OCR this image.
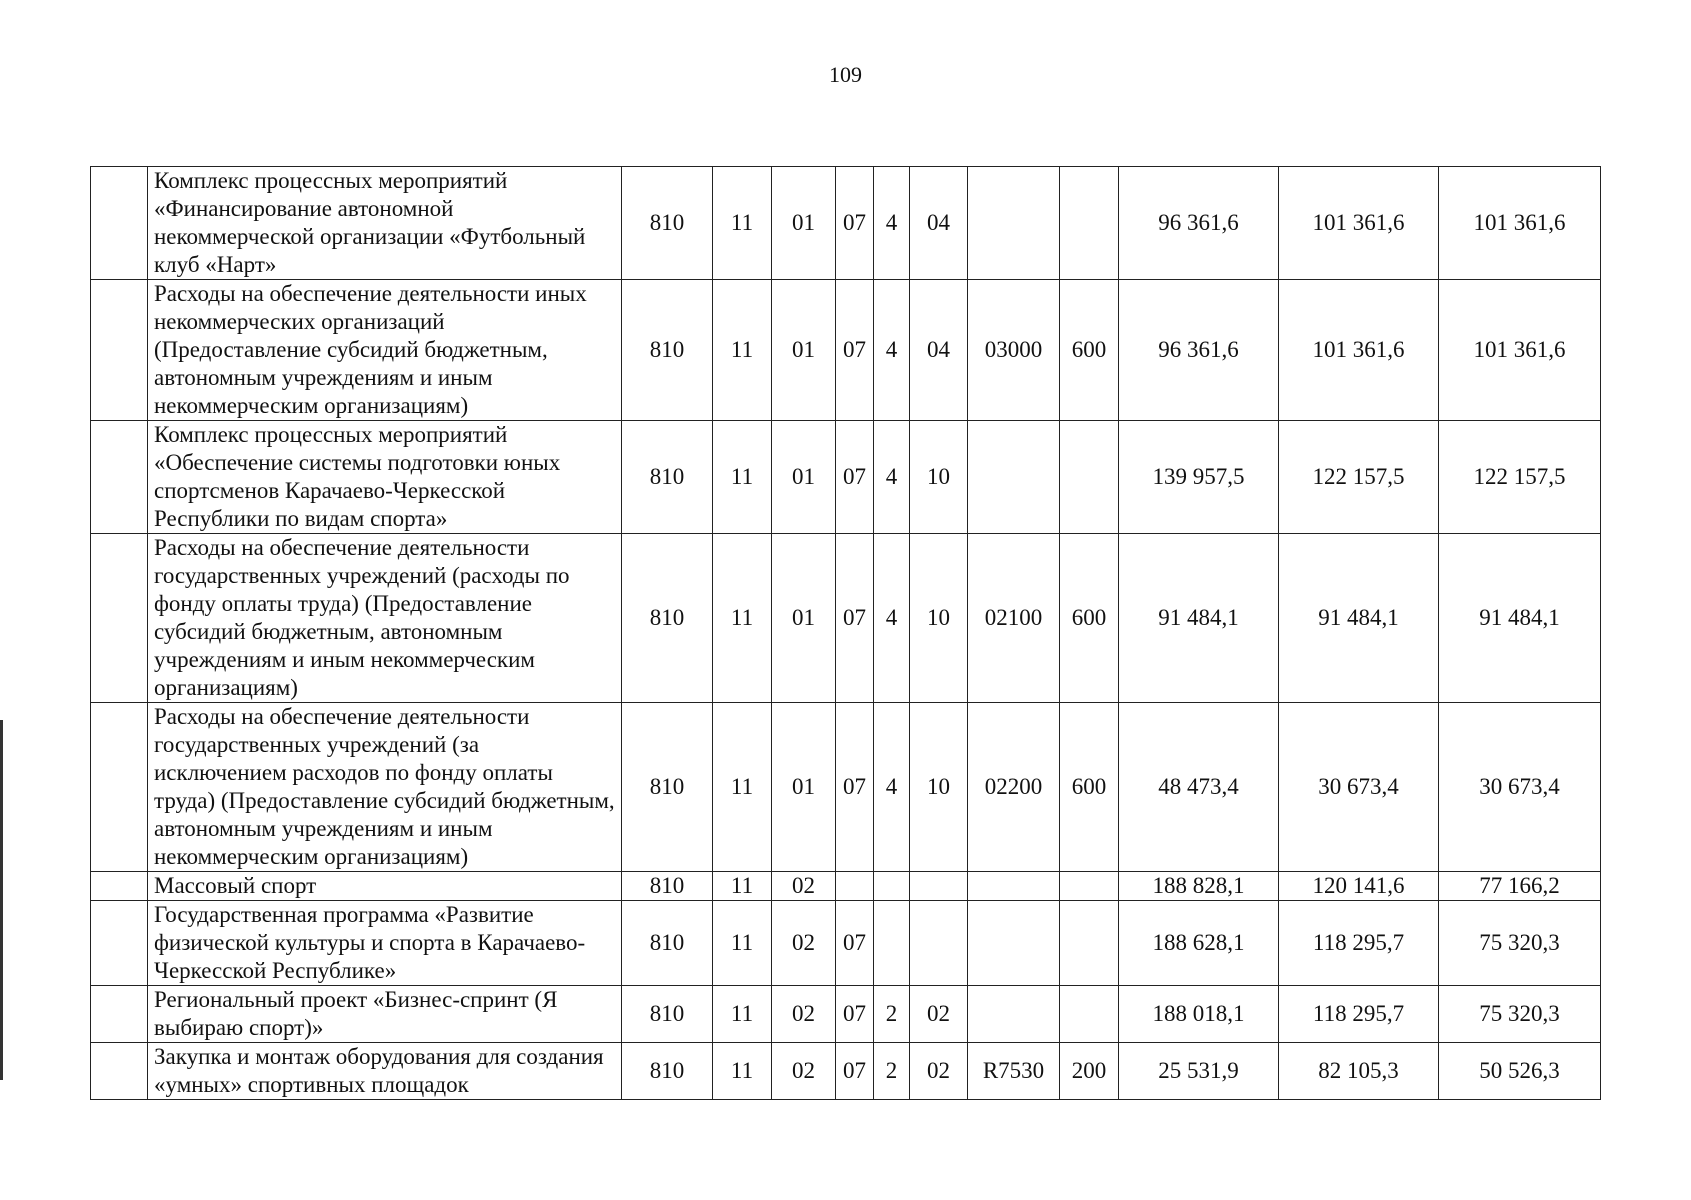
109
	Комплекс процессных мероприятий «Финансирование автономной некоммерческой организации «Футбольный клуб «Нарт»	810	11	01	07	4	04			96 361,6	101 361,6	101 361,6
	Расходы на обеспечение деятельности иных некоммерческих организаций (Предоставление субсидий бюджетным, автономным учреждениям и иным некоммерческим организациям)	810	11	01	07	4	04	03000	600	96 361,6	101 361,6	101 361,6
	Комплекс процессных мероприятий «Обеспечение системы подготовки юных спортсменов Карачаево-Черкесской Республики по видам спорта»	810	11	01	07	4	10			139 957,5	122 157,5	122 157,5
	Расходы на обеспечение деятельности государственных учреждений (расходы по фонду оплаты труда) (Предоставление субсидий бюджетным, автономным учреждениям и иным некоммерческим организациям)	810	11	01	07	4	10	02100	600	91 484,1	91 484,1	91 484,1
	Расходы на обеспечение деятельности государственных учреждений (за исключением расходов по фонду оплаты труда) (Предоставление субсидий бюджетным, автономным учреждениям и иным некоммерческим организациям)	810	11	01	07	4	10	02200	600	48 473,4	30 673,4	30 673,4
	Массовый спорт	810	11	02						188 828,1	120 141,6	77 166,2
	Государственная программа «Развитие физической культуры и спорта в Карачаево-Черкесской Республике»	810	11	02	07					188 628,1	118 295,7	75 320,3
	Региональный проект «Бизнес-спринт (Я выбираю спорт)»	810	11	02	07	2	02			188 018,1	118 295,7	75 320,3
	Закупка и монтаж оборудования для создания «умных» спортивных площадок	810	11	02	07	2	02	R7530	200	25 531,9	82 105,3	50 526,3
